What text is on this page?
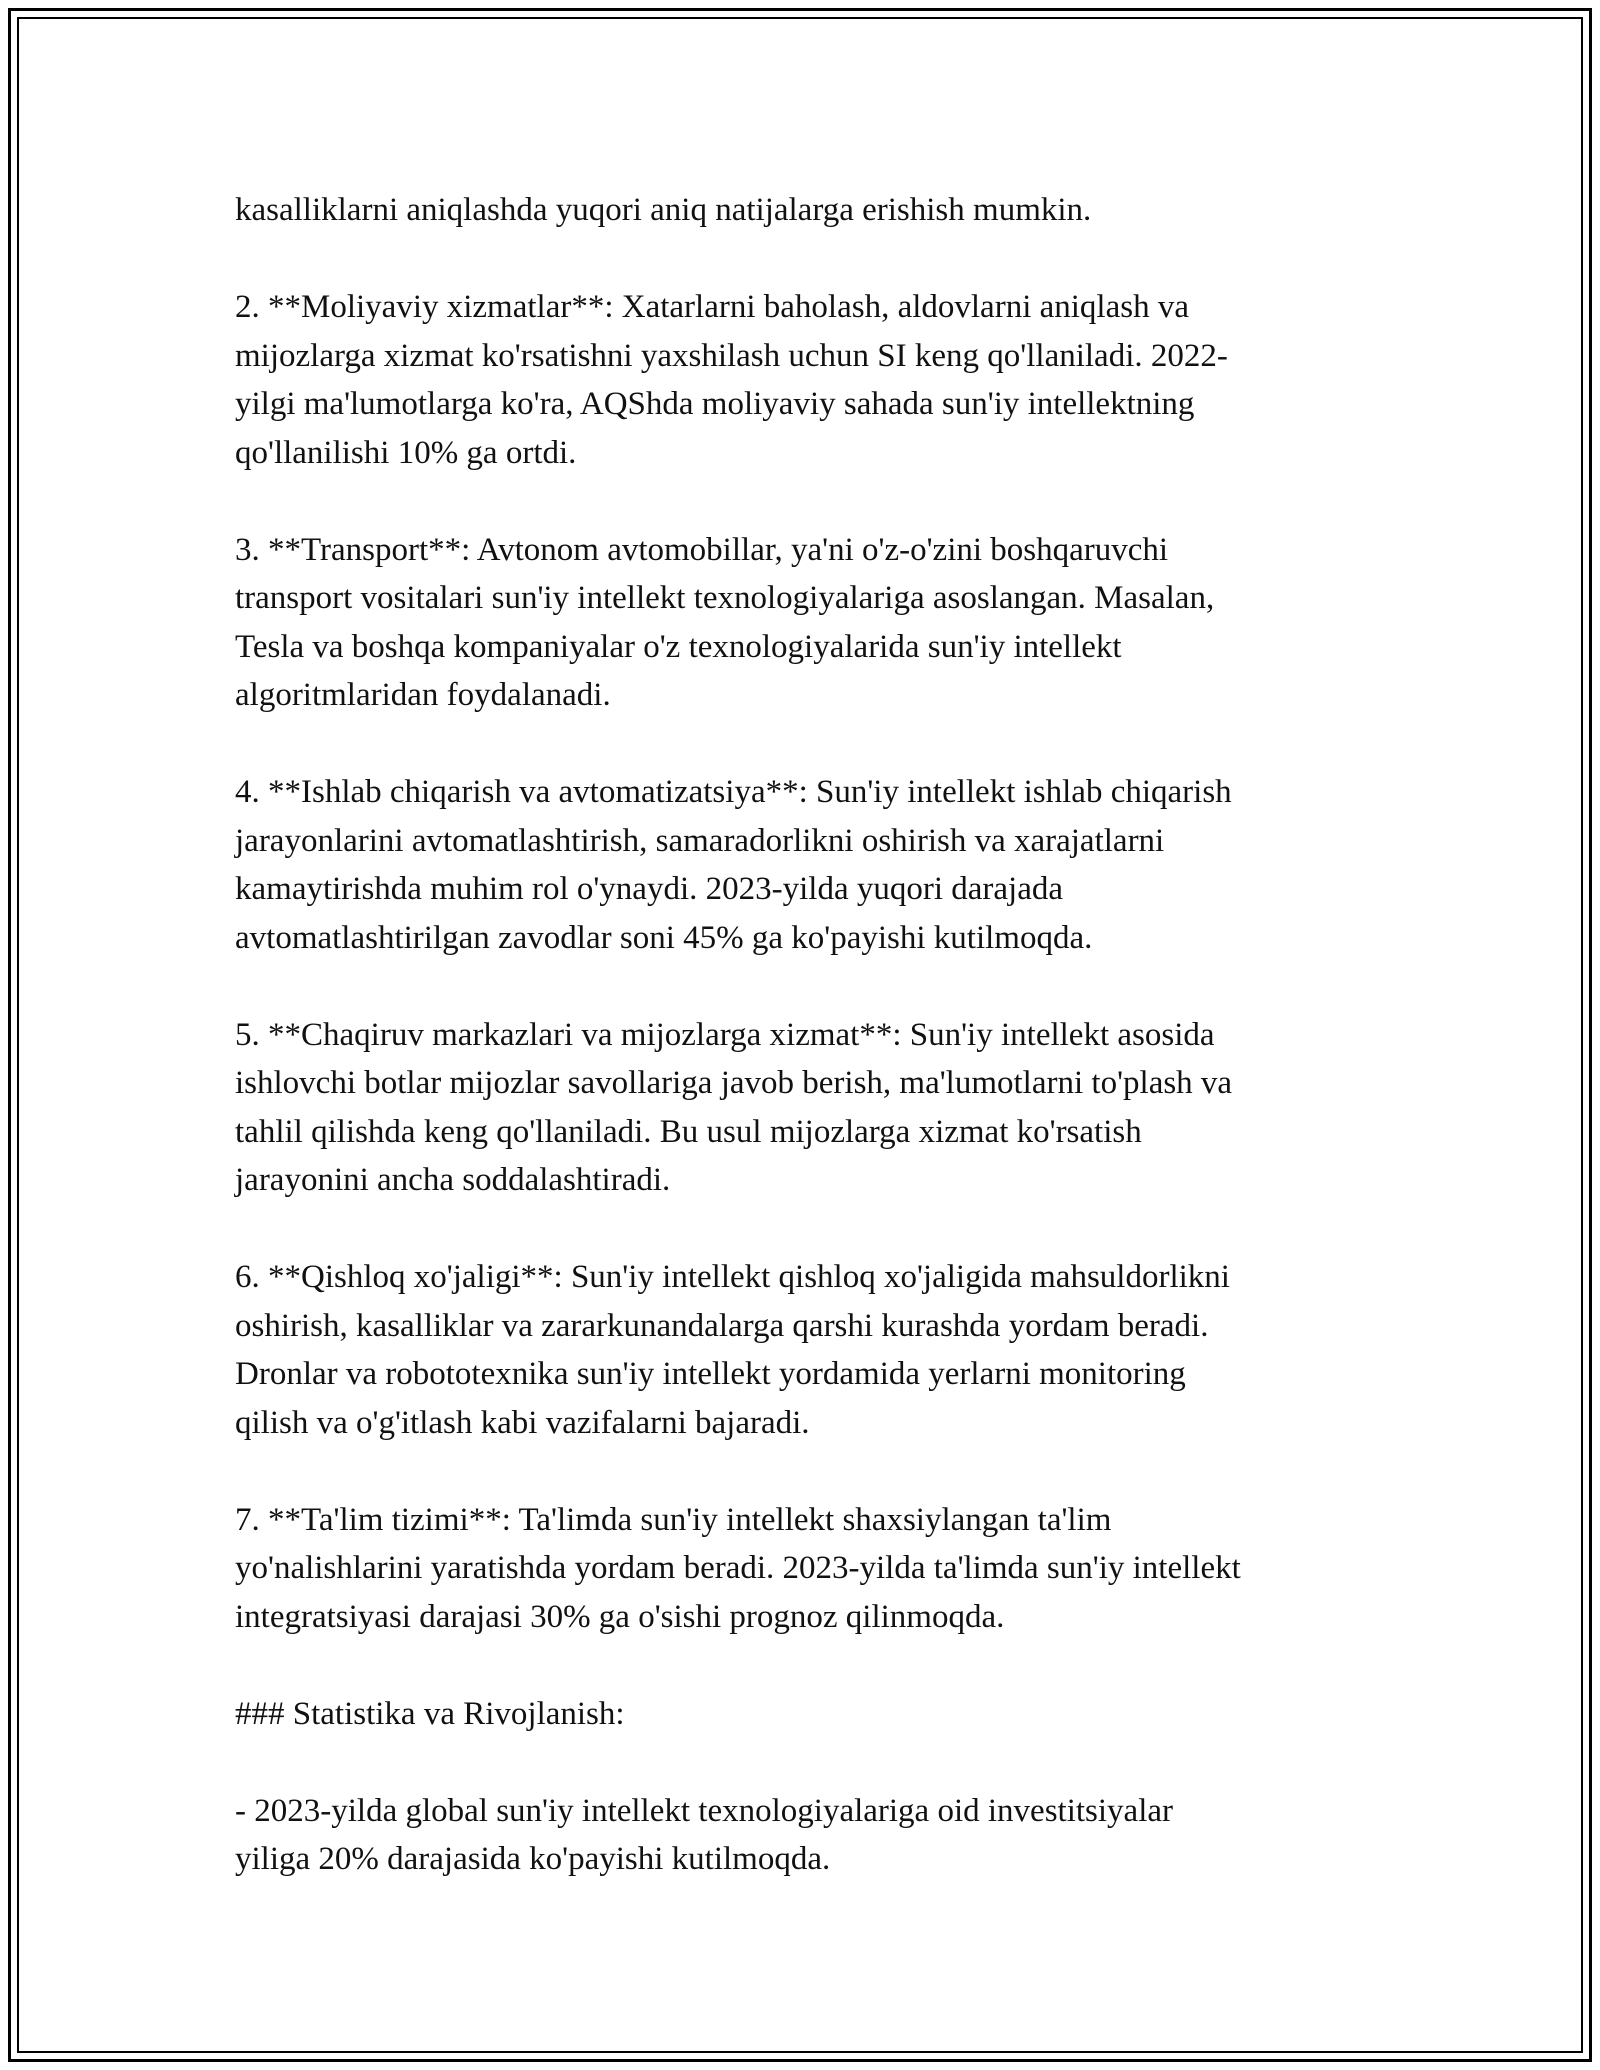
kasalliklarni aniqlashda yuqori aniq natijalarga erishish mumkin.

2. **Moliyaviy xizmatlar**: Xatarlarni baholash, aldovlarni aniqlash va
mijozlarga xizmat ko'rsatishni yaxshilash uchun SI keng qo'llaniladi. 2022-
yilgi ma'lumotlarga ko'ra, AQShda moliyaviy sahada sun'iy intellektning
qo'llanilishi 10% ga ortdi.

3. **Transport**: Avtonom avtomobillar, ya'ni o'z-o'zini boshqaruvchi
transport vositalari sun'iy intellekt texnologiyalariga asoslangan. Masalan,
Tesla va boshqa kompaniyalar o'z texnologiyalarida sun'iy intellekt
algoritmlaridan foydalanadi.

4. **Ishlab chiqarish va avtomatizatsiya**: Sun'iy intellekt ishlab chiqarish
jarayonlarini avtomatlashtirish, samaradorlikni oshirish va xarajatlarni
kamaytirishda muhim rol o'ynaydi. 2023-yilda yuqori darajada
avtomatlashtirilgan zavodlar soni 45% ga ko'payishi kutilmoqda.

5. **Chaqiruv markazlari va mijozlarga xizmat**: Sun'iy intellekt asosida
ishlovchi botlar mijozlar savollariga javob berish, ma'lumotlarni to'plash va
tahlil qilishda keng qo'llaniladi. Bu usul mijozlarga xizmat ko'rsatish
jarayonini ancha soddalashtiradi.

6. **Qishloq xo'jaligi**: Sun'iy intellekt qishloq xo'jaligida mahsuldorlikni
oshirish, kasalliklar va zararkunandalarga qarshi kurashda yordam beradi.
Dronlar va robototexnika sun'iy intellekt yordamida yerlarni monitoring
qilish va o'g'itlash kabi vazifalarni bajaradi.

7. **Ta'lim tizimi**: Ta'limda sun'iy intellekt shaxsiylangan ta'lim
yo'nalishlarini yaratishda yordam beradi. 2023-yilda ta'limda sun'iy intellekt
integratsiyasi darajasi 30% ga o'sishi prognoz qilinmoqda.

### Statistika va Rivojlanish:

- 2023-yilda global sun'iy intellekt texnologiyalariga oid investitsiyalar
yiliga 20% darajasida ko'payishi kutilmoqda.
